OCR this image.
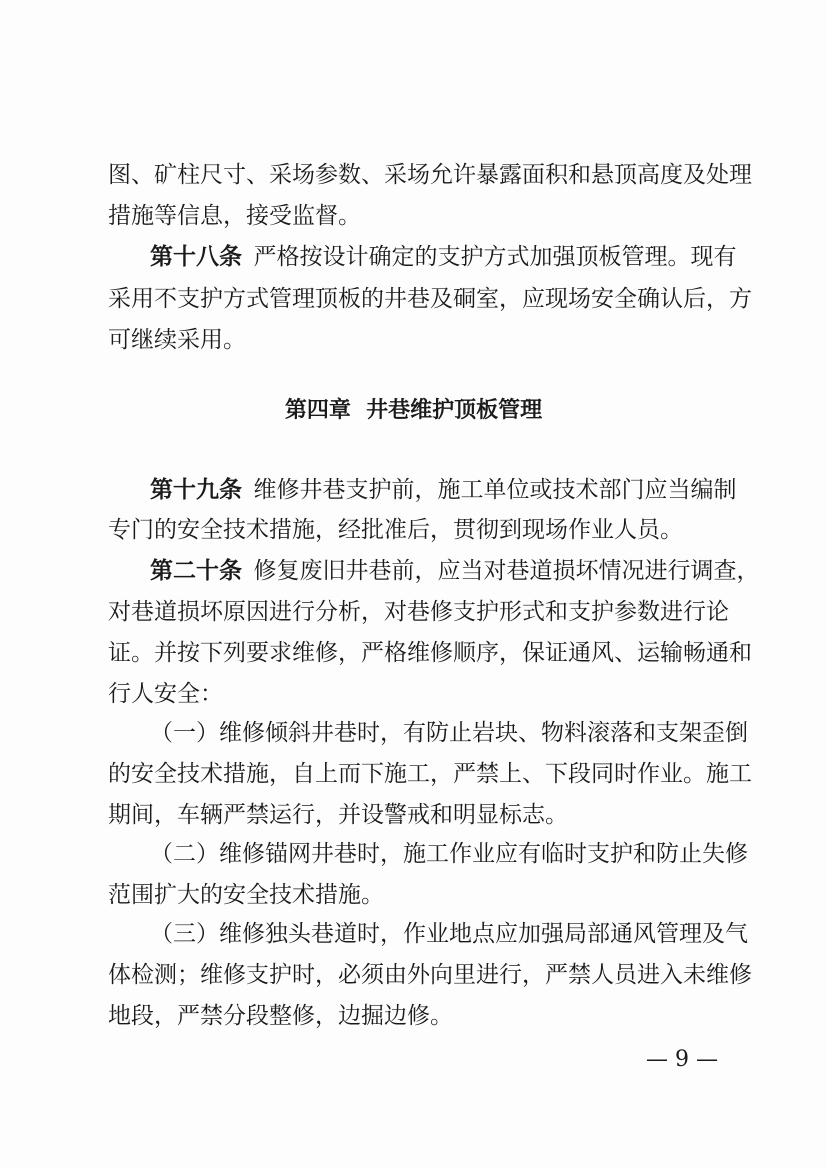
图、矿柱尺寸、采场参数、采场允许暴露面积和悬顶高度及处理
措施等信息，接受监督。
第十八条  严格按设计确定的支护方式加强顶板管理。现有
采用不支护方式管理顶板的井巷及硐室，应现场安全确认后，方
可继续采用。
第四章  井巷维护顶板管理
第十九条  维修井巷支护前，施工单位或技术部门应当编制
专门的安全技术措施，经批准后，贯彻到现场作业人员。
第二十条  修复废旧井巷前，应当对巷道损坏情况进行调查，
对巷道损坏原因进行分析，对巷修支护形式和支护参数进行论
证。并按下列要求维修，严格维修顺序，保证通风、运输畅通和
行人安全：
（一）维修倾斜井巷时，有防止岩块、物料滚落和支架歪倒
的安全技术措施，自上而下施工，严禁上、下段同时作业。施工
期间，车辆严禁运行，并设警戒和明显标志。
（二）维修锚网井巷时，施工作业应有临时支护和防止失修
范围扩大的安全技术措施。
（三）维修独头巷道时，作业地点应加强局部通风管理及气
体检测；维修支护时，必须由外向里进行，严禁人员进入未维修
地段，严禁分段整修，边掘边修。
— 9 —
